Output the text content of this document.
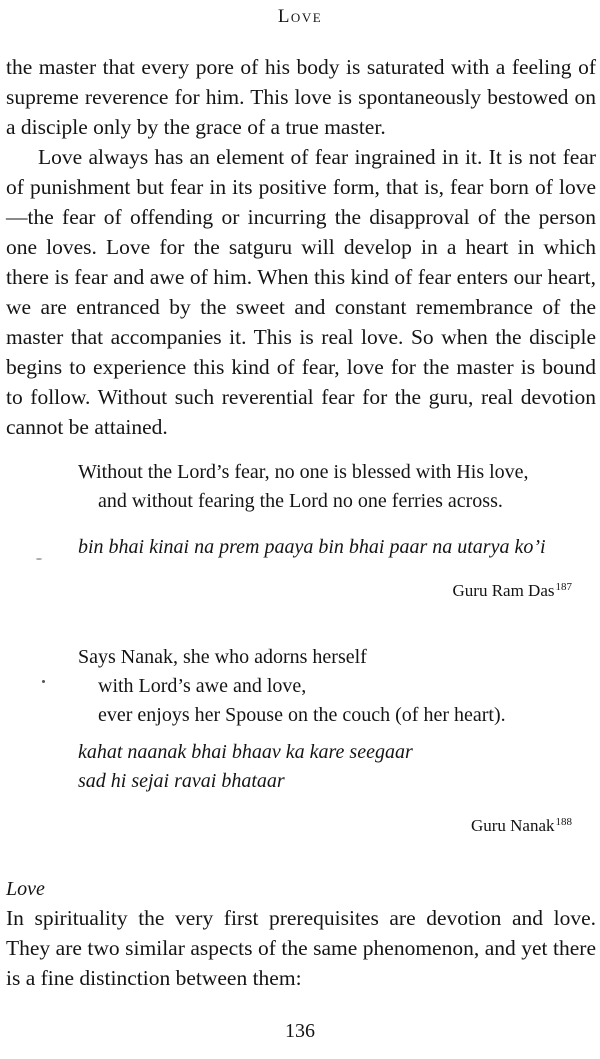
Love

the master that every pore of his body is saturated with a feeling of supreme reverence for him. This love is spontaneously bestowed on a disciple only by the grace of a true master.

Love always has an element of fear ingrained in it. It is not fear of punishment but fear in its positive form, that is, fear born of love—the fear of offending or incurring the disapproval of the person one loves. Love for the satguru will develop in a heart in which there is fear and awe of him. When this kind of fear enters our heart, we are entranced by the sweet and constant remembrance of the master that accompanies it. This is real love. So when the disciple begins to experience this kind of fear, love for the master is bound to follow. Without such reverential fear for the guru, real devotion cannot be attained.

Without the Lord’s fear, no one is blessed with His love,
and without fearing the Lord no one ferries across.

bin bhai kinai na prem paaya bin bhai paar na utarya ko’i

Guru Ram Das$^{187}$
Says Nanak, she who adorns herself
with Lord’s awe and love,
ever enjoys her Spouse on the couch (of her heart).
kahat naanak bhai bhaav ka kare seegaar
sad hi sejai ravai bhataar
Guru Nanak$^{188}$

Love

In spirituality the very first prerequisites are devotion and love. They are two similar aspects of the same phenomenon, and yet there is a fine distinction between them:

136
